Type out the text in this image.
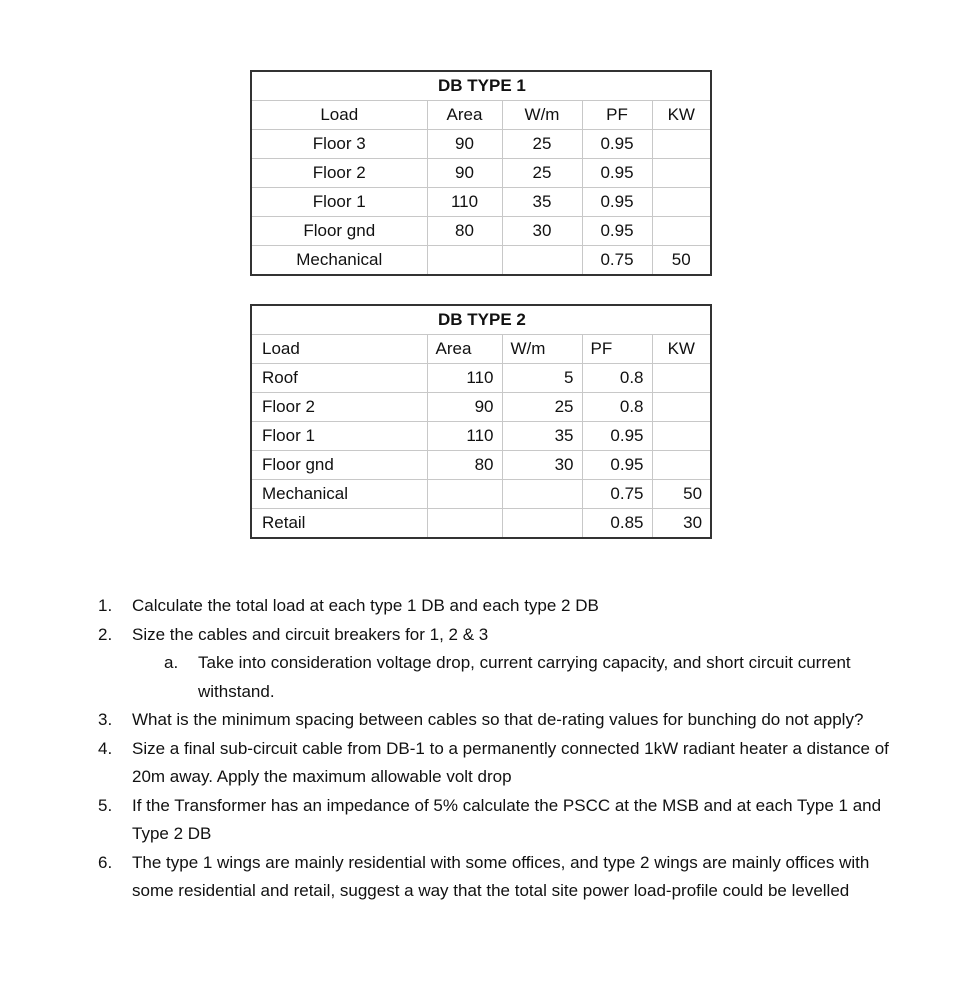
DB TYPE 1				
Load	Area	W/m	PF	KW
Floor 3	90	25	0.95	
Floor 2	90	25	0.95	
Floor 1	110	35	0.95	
Floor gnd	80	30	0.95	
Mechanical			0.75	50
DB TYPE 2				
Load	Area	W/m	PF	KW
Roof	110	5	0.8	
Floor 2	90	25	0.8	
Floor 1	110	35	0.95	
Floor gnd	80	30	0.95	
Mechanical			0.75	50
Retail			0.85	30
1. Calculate the total load at each type 1 DB and each type 2 DB
2. Size the cables and circuit breakers for 1, 2 & 3
a. Take into consideration voltage drop, current carrying capacity, and short circuit current withstand.
3. What is the minimum spacing between cables so that de-rating values for bunching do not apply?
4. Size a final sub-circuit cable from DB-1 to a permanently connected 1kW radiant heater a distance of 20m away. Apply the maximum allowable volt drop
5. If the Transformer has an impedance of 5% calculate the PSCC at the MSB and at each Type 1 and Type 2 DB
6. The type 1 wings are mainly residential with some offices, and type 2 wings are mainly offices with some residential and retail, suggest a way that the total site power load-profile could be levelled
